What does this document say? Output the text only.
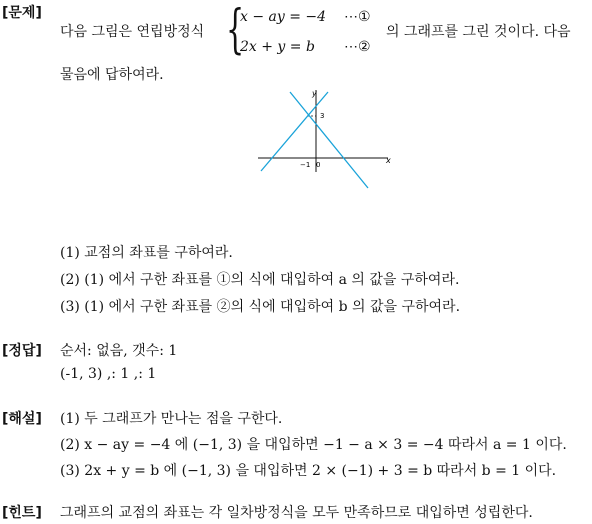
[문제]
다음 그림은 연립방정식 {
x − ay = −4 ⋯①
2x + y = b ⋯②
의 그래프를 그린 것이다. 다음
물음에 답하여라.
y
x
3
−1 0
(1) 교점의 좌표를 구하여라.
(2) (1) 에서 구한 좌표를 ①의 식에 대입하여 a 의 값을 구하여라.
(3) (1) 에서 구한 좌표를 ②의 식에 대입하여 b 의 값을 구하여라.
[정답] 순서: 없음, 갯수: 1
(-1, 3) ,: 1 ,: 1
[해설] (1) 두 그래프가 만나는 점을 구한다.
(2) x − ay = −4 에 (−1, 3) 을 대입하면 −1 − a × 3 = −4 따라서 a = 1 이다.
(3) 2x + y = b 에 (−1, 3) 을 대입하면 2 × (−1) + 3 = b 따라서 b = 1 이다.
[힌트] 그래프의 교점의 좌표는 각 일차방정식을 모두 만족하므로 대입하면 성립한다.
